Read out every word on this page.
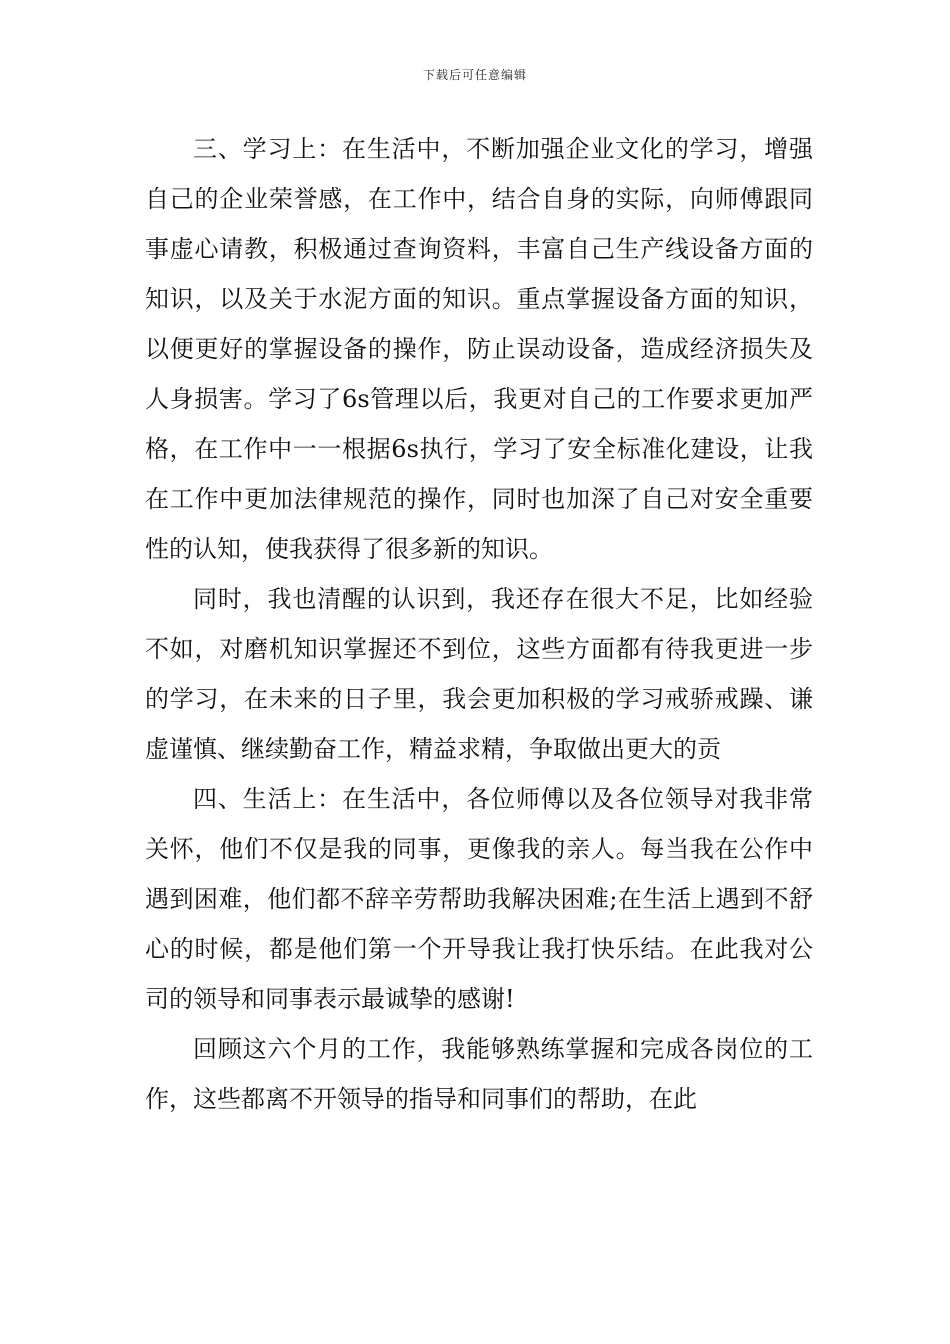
下载后可任意编辑

三、学习上：在生活中，不断加强企业文化的学习，增强自己的企业荣誉感，在工作中，结合自身的实际，向师傅跟同事虚心请教，积极通过查询资料，丰富自己生产线设备方面的知识，以及关于水泥方面的知识。重点掌握设备方面的知识，以便更好的掌握设备的操作，防止误动设备，造成经济损失及人身损害。学习了6s管理以后，我更对自己的工作要求更加严格，在工作中一一根据6s执行，学习了安全标准化建设，让我在工作中更加法律规范的操作，同时也加深了自己对安全重要性的认知，使我获得了很多新的知识。

同时，我也清醒的认识到，我还存在很大不足，比如经验不如，对磨机知识掌握还不到位，这些方面都有待我更进一步的学习，在未来的日子里，我会更加积极的学习戒骄戒躁、谦虚谨慎、继续勤奋工作，精益求精，争取做出更大的贡

四、生活上：在生活中，各位师傅以及各位领导对我非常关怀，他们不仅是我的同事，更像我的亲人。每当我在公作中遇到困难，他们都不辞辛劳帮助我解决困难;在生活上遇到不舒心的时候，都是他们第一个开导我让我打快乐结。在此我对公司的领导和同事表示最诚挚的感谢!

回顾这六个月的工作，我能够熟练掌握和完成各岗位的工作，这些都离不开领导的指导和同事们的帮助，在此
